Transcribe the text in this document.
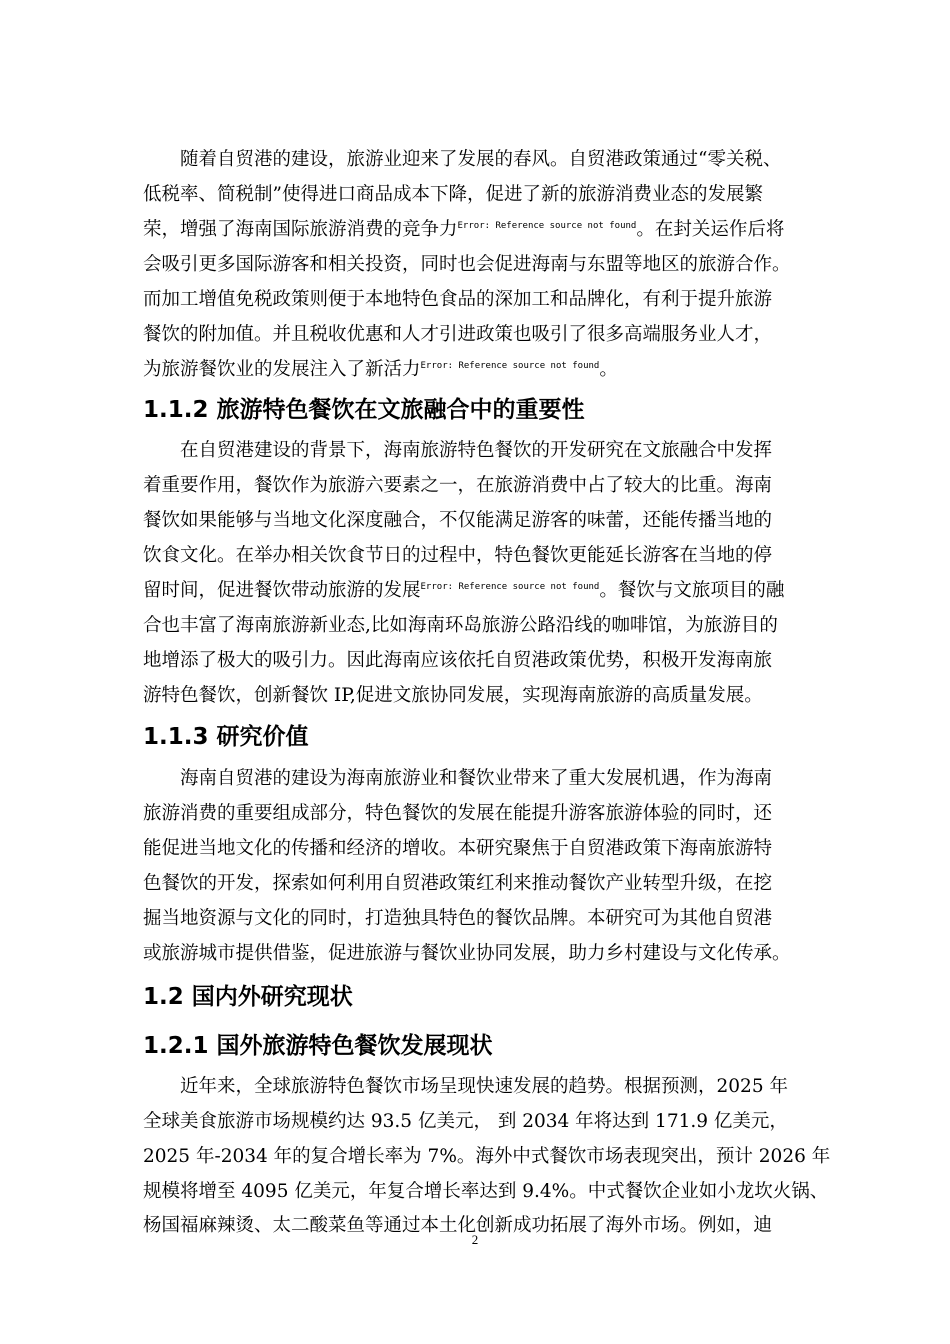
随着自贸港的建设，旅游业迎来了发展的春风。自贸港政策通过“零关税、
低税率、简税制”使得进口商品成本下降，促进了新的旅游消费业态的发展繁
荣，增强了海南国际旅游消费的竞争力$^{Error: Reference source not found}$。在封关运作后将
会吸引更多国际游客和相关投资，同时也会促进海南与东盟等地区的旅游合作。
而加工增值免税政策则便于本地特色食品的深加工和品牌化，有利于提升旅游
餐饮的附加值。并且税收优惠和人才引进政策也吸引了很多高端服务业人才，
为旅游餐饮业的发展注入了新活力$^{Error: Reference source not found}$。
1.1.2 旅游特色餐饮在文旅融合中的重要性
在自贸港建设的背景下，海南旅游特色餐饮的开发研究在文旅融合中发挥
着重要作用，餐饮作为旅游六要素之一，在旅游消费中占了较大的比重。海南
餐饮如果能够与当地文化深度融合，不仅能满足游客的味蕾，还能传播当地的
饮食文化。在举办相关饮食节日的过程中，特色餐饮更能延长游客在当地的停
留时间，促进餐饮带动旅游的发展$^{Error: Reference source not found}$。餐饮与文旅项目的融
合也丰富了海南旅游新业态,比如海南环岛旅游公路沿线的咖啡馆，为旅游目的
地增添了极大的吸引力。因此海南应该依托自贸港政策优势，积极开发海南旅
游特色餐饮，创新餐饮 IP,促进文旅协同发展，实现海南旅游的高质量发展。
1.1.3 研究价值
海南自贸港的建设为海南旅游业和餐饮业带来了重大发展机遇，作为海南
旅游消费的重要组成部分，特色餐饮的发展在能提升游客旅游体验的同时，还
能促进当地文化的传播和经济的增收。本研究聚焦于自贸港政策下海南旅游特
色餐饮的开发，探索如何利用自贸港政策红利来推动餐饮产业转型升级，在挖
掘当地资源与文化的同时，打造独具特色的餐饮品牌。本研究可为其他自贸港
或旅游城市提供借鉴，促进旅游与餐饮业协同发展，助力乡村建设与文化传承。
1.2 国内外研究现状
1.2.1 国外旅游特色餐饮发展现状
近年来，全球旅游特色餐饮市场呈现快速发展的趋势。根据预测，2025 年
全球美食旅游市场规模约达 93.5 亿美元， 到 2034 年将达到 171.9 亿美元，
2025 年-2034 年的复合增长率为 7%。海外中式餐饮市场表现突出，预计 2026 年
规模将增至 4095 亿美元，年复合增长率达到 9.4%。中式餐饮企业如小龙坎火锅、
杨国福麻辣烫、太二酸菜鱼等通过本土化创新成功拓展了海外市场。例如，迪
2
